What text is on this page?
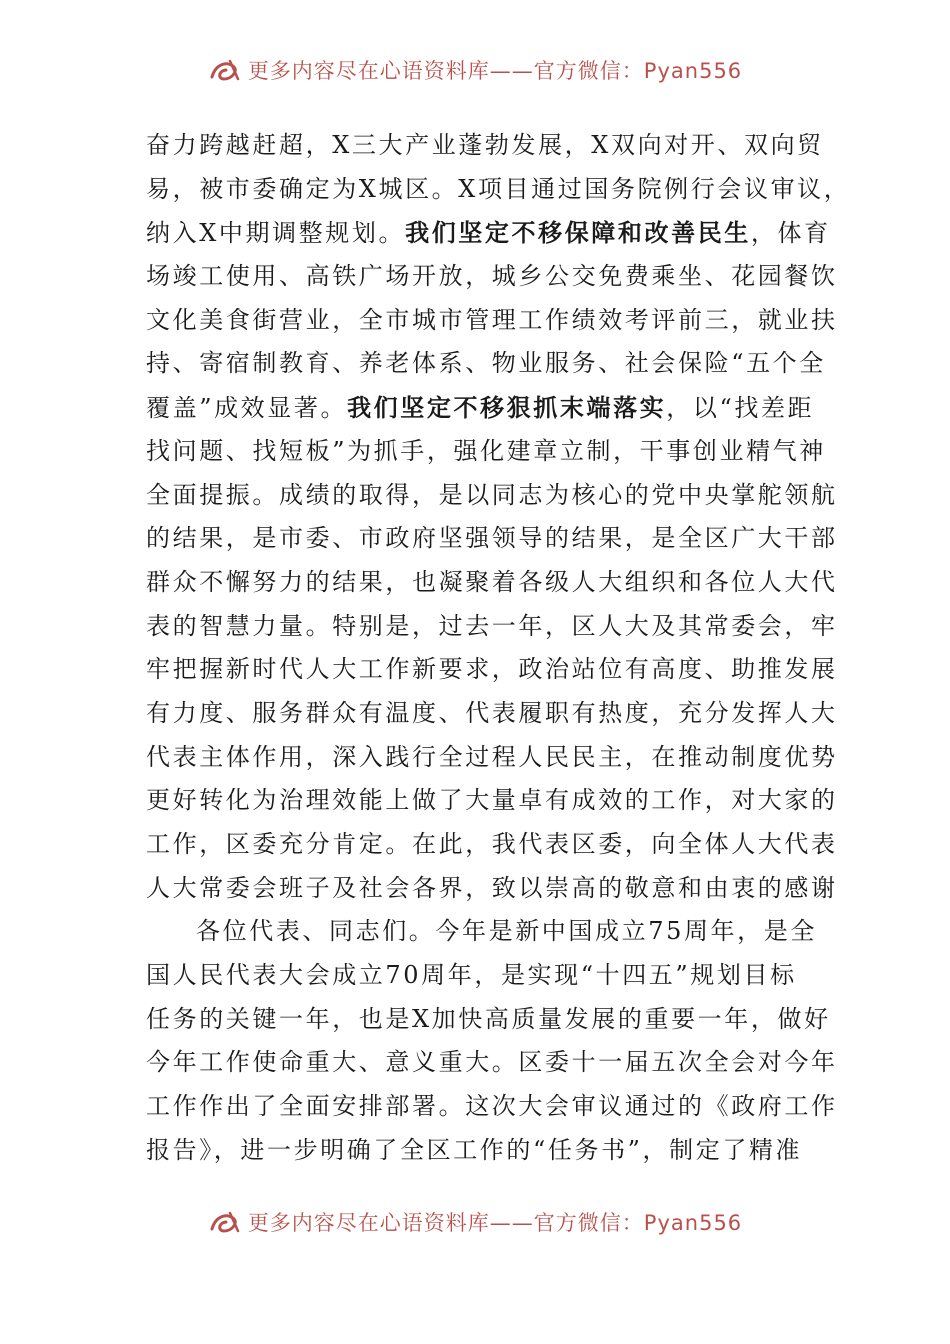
更多内容尽在心语资料库——官方微信：Pyan556
奋力跨越赶超，X三大产业蓬勃发展，X双向对开、双向贸
易，被市委确定为X城区。X项目通过国务院例行会议审议，
纳入X中期调整规划。我们坚定不移保障和改善民生，体育
场竣工使用、高铁广场开放，城乡公交免费乘坐、花园餐饮
文化美食街营业，全市城市管理工作绩效考评前三，就业扶
持、寄宿制教育、养老体系、物业服务、社会保险“五个全
覆盖”成效显著。我们坚定不移狠抓末端落实，以“找差距
找问题、找短板”为抓手，强化建章立制，干事创业精气神
全面提振。成绩的取得，是以同志为核心的党中央掌舵领航
的结果，是市委、市政府坚强领导的结果，是全区广大干部
群众不懈努力的结果，也凝聚着各级人大组织和各位人大代
表的智慧力量。特别是，过去一年，区人大及其常委会，牢
牢把握新时代人大工作新要求，政治站位有高度、助推发展
有力度、服务群众有温度、代表履职有热度，充分发挥人大
代表主体作用，深入践行全过程人民民主，在推动制度优势
更好转化为治理效能上做了大量卓有成效的工作，对大家的
工作，区委充分肯定。在此，我代表区委，向全体人大代表
人大常委会班子及社会各界，致以崇高的敬意和由衷的感谢
各位代表、同志们。今年是新中国成立75周年，是全
国人民代表大会成立70周年，是实现“十四五”规划目标
任务的关键一年，也是X加快高质量发展的重要一年，做好
今年工作使命重大、意义重大。区委十一届五次全会对今年
工作作出了全面安排部署。这次大会审议通过的《政府工作
报告》，进一步明确了全区工作的“任务书”，制定了精准
更多内容尽在心语资料库——官方微信：Pyan556
